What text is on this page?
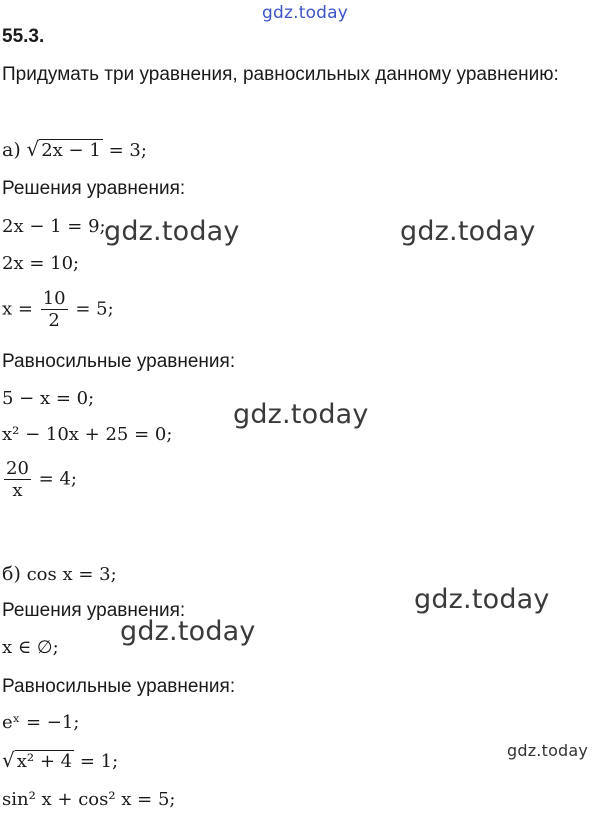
gdz.today
gdz.today	gdz.today
gdz.today
gdz.today
gdz.today
gdz.today
55.3.
Придумать три уравнения, равносильных данному уравнению:
а) √ 2x − 1 = 3;
Решения уравнения:
2x − 1 = 9;
2x = 10;
$x = \frac{10}{2} = 5$;
Равносильные уравнения:
5 − x = 0;
x² − 10x + 25 = 0;
$\frac{20}{x} = 4$;
б) cos x = 3;
Решения уравнения:
x ∈ ∅;
Равносильные уравнения:
eˣ = −1;
√ x² + 4 = 1;
sin² x + cos² x = 5;
